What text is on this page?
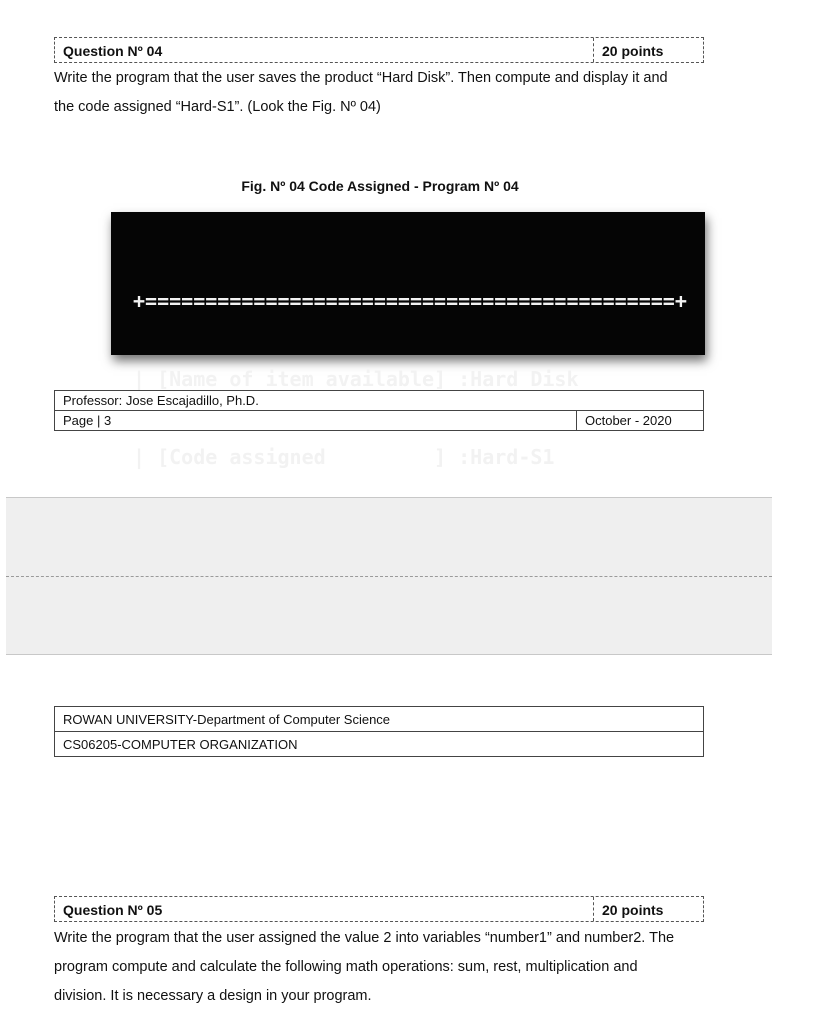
Question Nº 04	20 points
Write the program that the user saves the product “Hard Disk”. Then compute and display it and
the code assigned “Hard-S1”. (Look the Fig. Nº 04)
Fig. Nº 04 Code Assigned - Program Nº 04

+============================================+

| [Name of item available] :Hard Disk

| [Code assigned         ] :Hard-S1

Professor: Jose Escajadillo, Ph.D.
Page | 3	October - 2020
ROWAN UNIVERSITY-Department of Computer Science
CS06205-COMPUTER ORGANIZATION
Question Nº 05	20 points
Write the program that the user assigned the value 2 into variables “number1” and number2. The
program compute and calculate the following math operations: sum, rest, multiplication and
division. It is necessary a design in your program.
